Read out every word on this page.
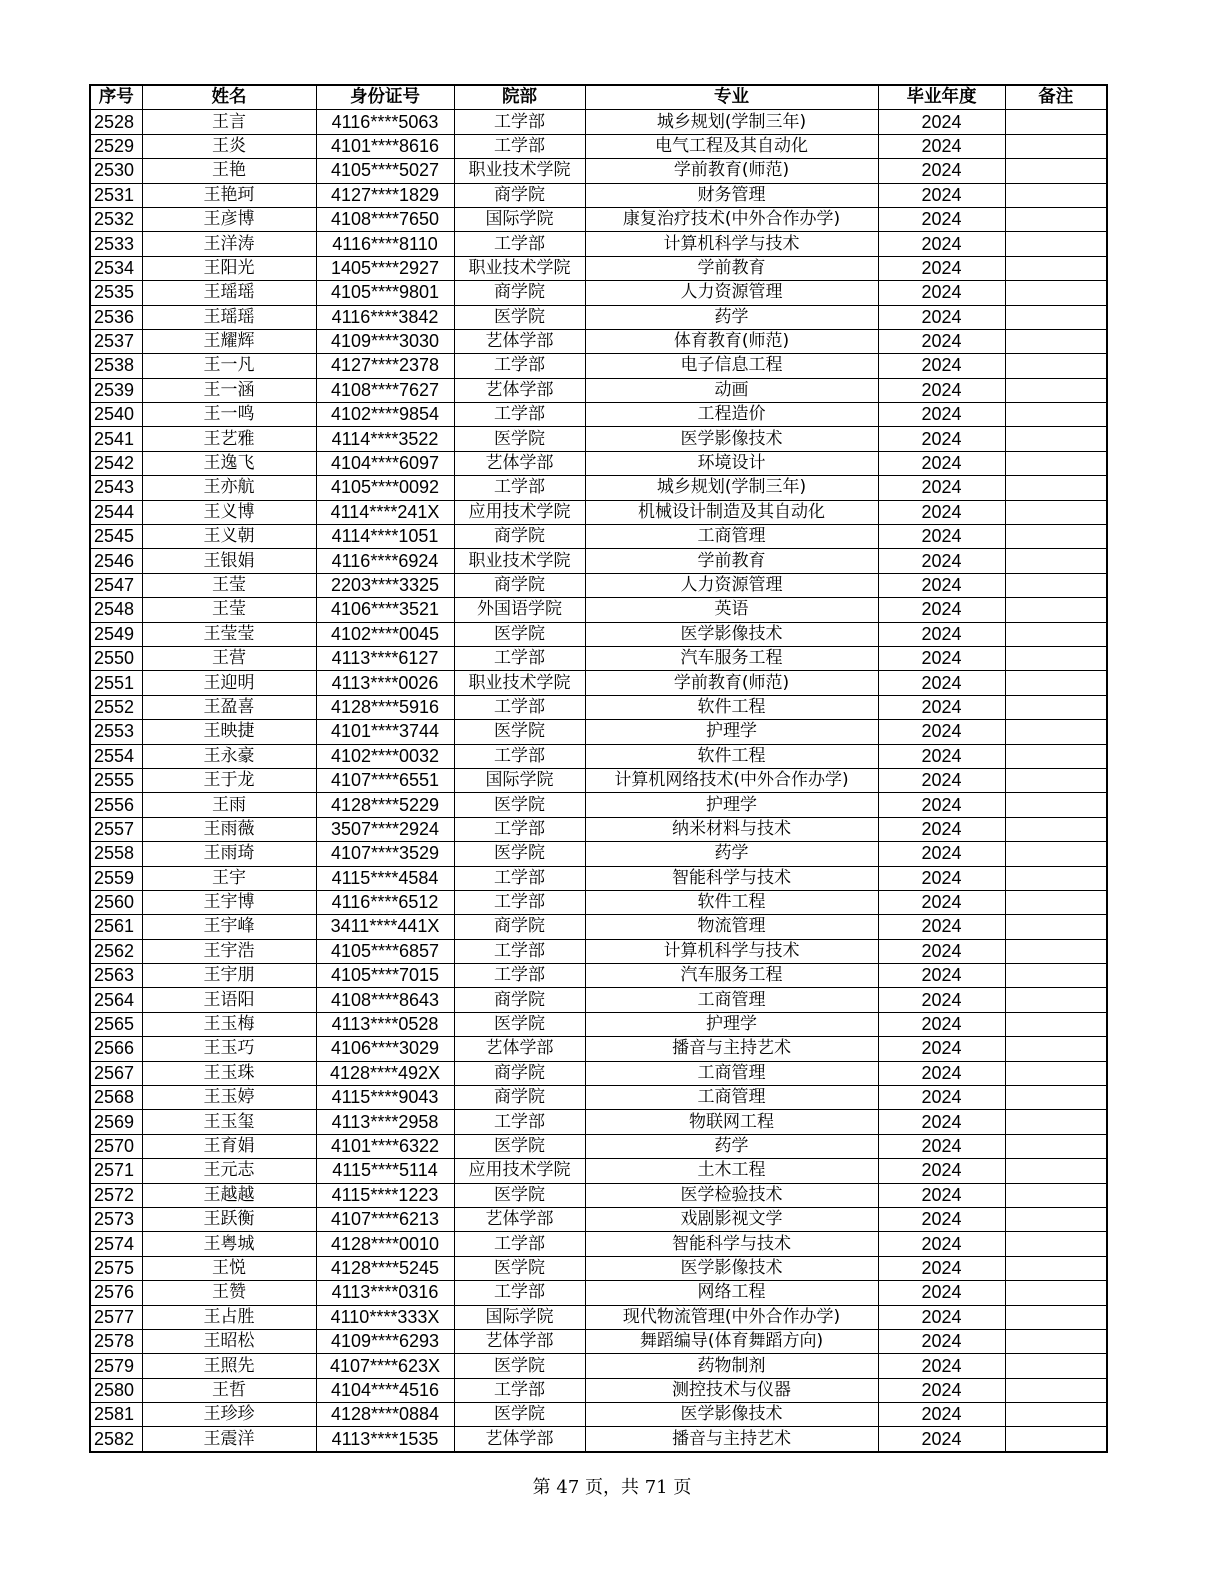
序号	姓名	身份证号	院部	专业	毕业年度	备注
2528	王言	4116****5063	工学部	城乡规划(学制三年)	2024	
2529	王炎	4101****8616	工学部	电气工程及其自动化	2024	
2530	王艳	4105****5027	职业技术学院	学前教育(师范)	2024	
2531	王艳珂	4127****1829	商学院	财务管理	2024	
2532	王彦博	4108****7650	国际学院	康复治疗技术(中外合作办学)	2024	
2533	王洋涛	4116****8110	工学部	计算机科学与技术	2024	
2534	王阳光	1405****2927	职业技术学院	学前教育	2024	
2535	王瑶瑶	4105****9801	商学院	人力资源管理	2024	
2536	王瑶瑶	4116****3842	医学院	药学	2024	
2537	王耀辉	4109****3030	艺体学部	体育教育(师范)	2024	
2538	王一凡	4127****2378	工学部	电子信息工程	2024	
2539	王一涵	4108****7627	艺体学部	动画	2024	
2540	王一鸣	4102****9854	工学部	工程造价	2024	
2541	王艺雅	4114****3522	医学院	医学影像技术	2024	
2542	王逸飞	4104****6097	艺体学部	环境设计	2024	
2543	王亦航	4105****0092	工学部	城乡规划(学制三年)	2024	
2544	王义博	4114****241X	应用技术学院	机械设计制造及其自动化	2024	
2545	王义朝	4114****1051	商学院	工商管理	2024	
2546	王银娟	4116****6924	职业技术学院	学前教育	2024	
2547	王莹	2203****3325	商学院	人力资源管理	2024	
2548	王莹	4106****3521	外国语学院	英语	2024	
2549	王莹莹	4102****0045	医学院	医学影像技术	2024	
2550	王营	4113****6127	工学部	汽车服务工程	2024	
2551	王迎明	4113****0026	职业技术学院	学前教育(师范)	2024	
2552	王盈喜	4128****5916	工学部	软件工程	2024	
2553	王映捷	4101****3744	医学院	护理学	2024	
2554	王永豪	4102****0032	工学部	软件工程	2024	
2555	王于龙	4107****6551	国际学院	计算机网络技术(中外合作办学)	2024	
2556	王雨	4128****5229	医学院	护理学	2024	
2557	王雨薇	3507****2924	工学部	纳米材料与技术	2024	
2558	王雨琦	4107****3529	医学院	药学	2024	
2559	王宇	4115****4584	工学部	智能科学与技术	2024	
2560	王宇博	4116****6512	工学部	软件工程	2024	
2561	王宇峰	3411****441X	商学院	物流管理	2024	
2562	王宇浩	4105****6857	工学部	计算机科学与技术	2024	
2563	王宇朋	4105****7015	工学部	汽车服务工程	2024	
2564	王语阳	4108****8643	商学院	工商管理	2024	
2565	王玉梅	4113****0528	医学院	护理学	2024	
2566	王玉巧	4106****3029	艺体学部	播音与主持艺术	2024	
2567	王玉珠	4128****492X	商学院	工商管理	2024	
2568	王玉婷	4115****9043	商学院	工商管理	2024	
2569	王玉玺	4113****2958	工学部	物联网工程	2024	
2570	王育娟	4101****6322	医学院	药学	2024	
2571	王元志	4115****5114	应用技术学院	土木工程	2024	
2572	王越越	4115****1223	医学院	医学检验技术	2024	
2573	王跃衡	4107****6213	艺体学部	戏剧影视文学	2024	
2574	王粤城	4128****0010	工学部	智能科学与技术	2024	
2575	王悦	4128****5245	医学院	医学影像技术	2024	
2576	王赞	4113****0316	工学部	网络工程	2024	
2577	王占胜	4110****333X	国际学院	现代物流管理(中外合作办学)	2024	
2578	王昭松	4109****6293	艺体学部	舞蹈编导(体育舞蹈方向)	2024	
2579	王照先	4107****623X	医学院	药物制剂	2024	
2580	王哲	4104****4516	工学部	测控技术与仪器	2024	
2581	王珍珍	4128****0884	医学院	医学影像技术	2024	
2582	王震洋	4113****1535	艺体学部	播音与主持艺术	2024	
第 47 页，共 71 页
